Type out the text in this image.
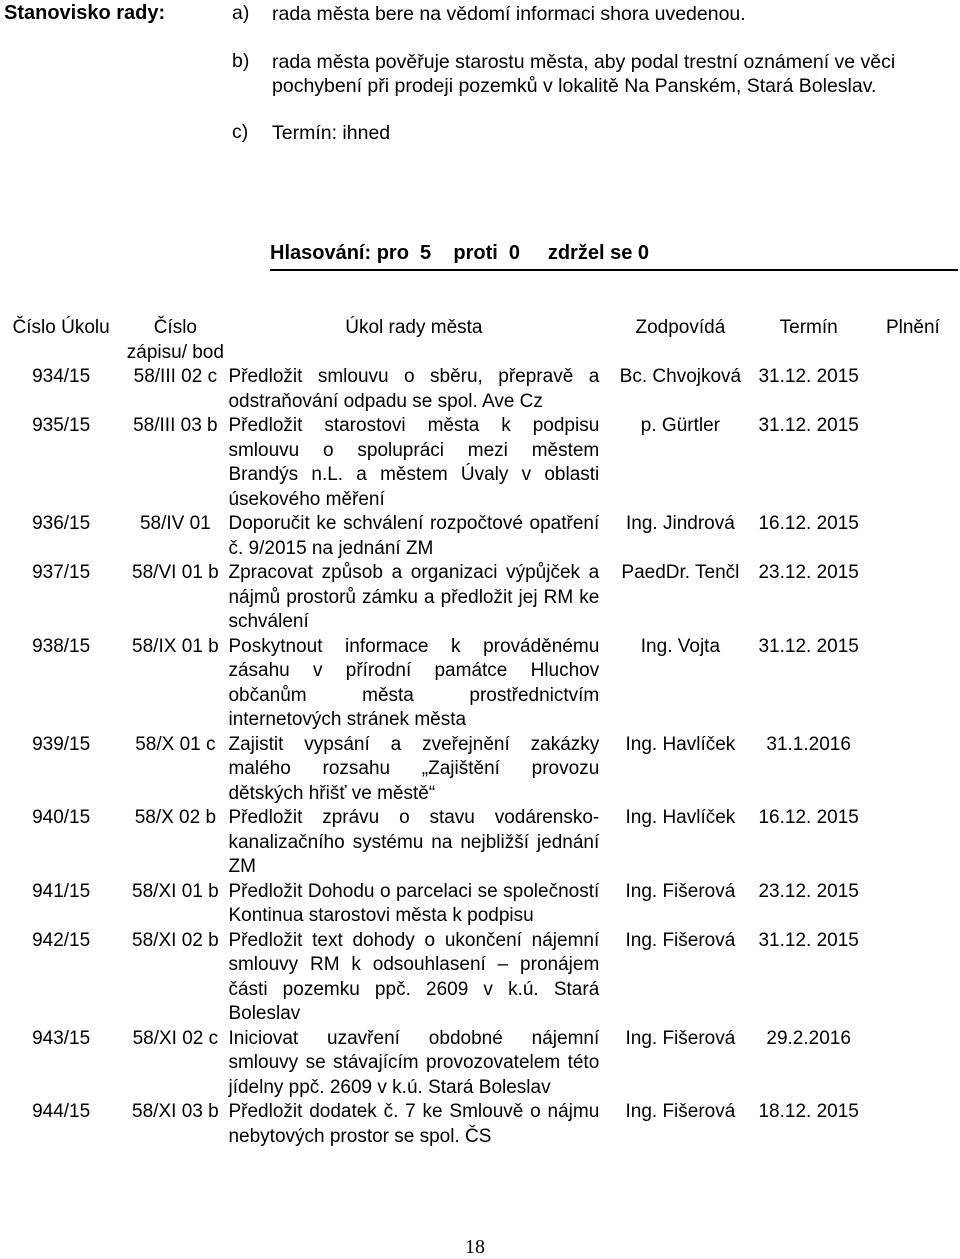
Stanovisko rady:	a) rada města bere na vědomí informaci shora uvedenou.
b) rada města pověřuje starostu města, aby podal trestní oznámení ve věci pochybení při prodeji pozemků v lokalitě Na Panském, Stará Boleslav.
c) Termín: ihned
Hlasování: pro  5    proti  0     zdržel se 0
Číslo Úkolu	Číslo zápisu/ bod	Úkol rady města	Zodpovídá	Termín	Plnění
934/15	58/III 02 c	Předložit smlouvu o sběru, přepravě a odstraňování odpadu se spol. Ave Cz	Bc. Chvojková	31.12. 2015	
935/15	58/III 03 b	Předložit starostovi města k podpisu smlouvu o spolupráci mezi městem Brandýs n.L. a městem Úvaly v oblasti úsekového měření	p. Gürtler	31.12. 2015	
936/15	58/IV 01	Doporučit ke schválení rozpočtové opatření č. 9/2015 na jednání ZM	Ing. Jindrová	16.12. 2015	
937/15	58/VI 01 b	Zpracovat způsob a organizaci výpůjček a nájmů prostorů zámku a předložit jej RM ke schválení	PaedDr. Tenčl	23.12. 2015	
938/15	58/IX 01 b	Poskytnout informace k prováděnému zásahu v přírodní památce Hluchov občanům města prostřednictvím internetových stránek města	Ing. Vojta	31.12. 2015	
939/15	58/X 01 c	Zajistit vypsání a zveřejnění zakázky malého rozsahu „Zajištění provozu dětských hřišť ve městě“	Ing. Havlíček	31.1.2016	
940/15	58/X 02 b	Předložit zprávu o stavu vodárensko-kanalizačního systému na nejbližší jednání ZM	Ing. Havlíček	16.12. 2015	
941/15	58/XI 01 b	Předložit Dohodu o parcelaci se společností Kontinua starostovi města k podpisu	Ing. Fišerová	23.12. 2015	
942/15	58/XI 02 b	Předložit text dohody o ukončení nájemní smlouvy RM k odsouhlasení – pronájem části pozemku ppč. 2609 v k.ú. Stará Boleslav	Ing. Fišerová	31.12. 2015	
943/15	58/XI 02 c	Iniciovat uzavření obdobné nájemní smlouvy se stávajícím provozovatelem této jídelny ppč. 2609 v k.ú. Stará Boleslav	Ing. Fišerová	29.2.2016	
944/15	58/XI 03 b	Předložit dodatek č. 7 ke Smlouvě o nájmu nebytových prostor se spol. ČS	Ing. Fišerová	18.12. 2015	
18
